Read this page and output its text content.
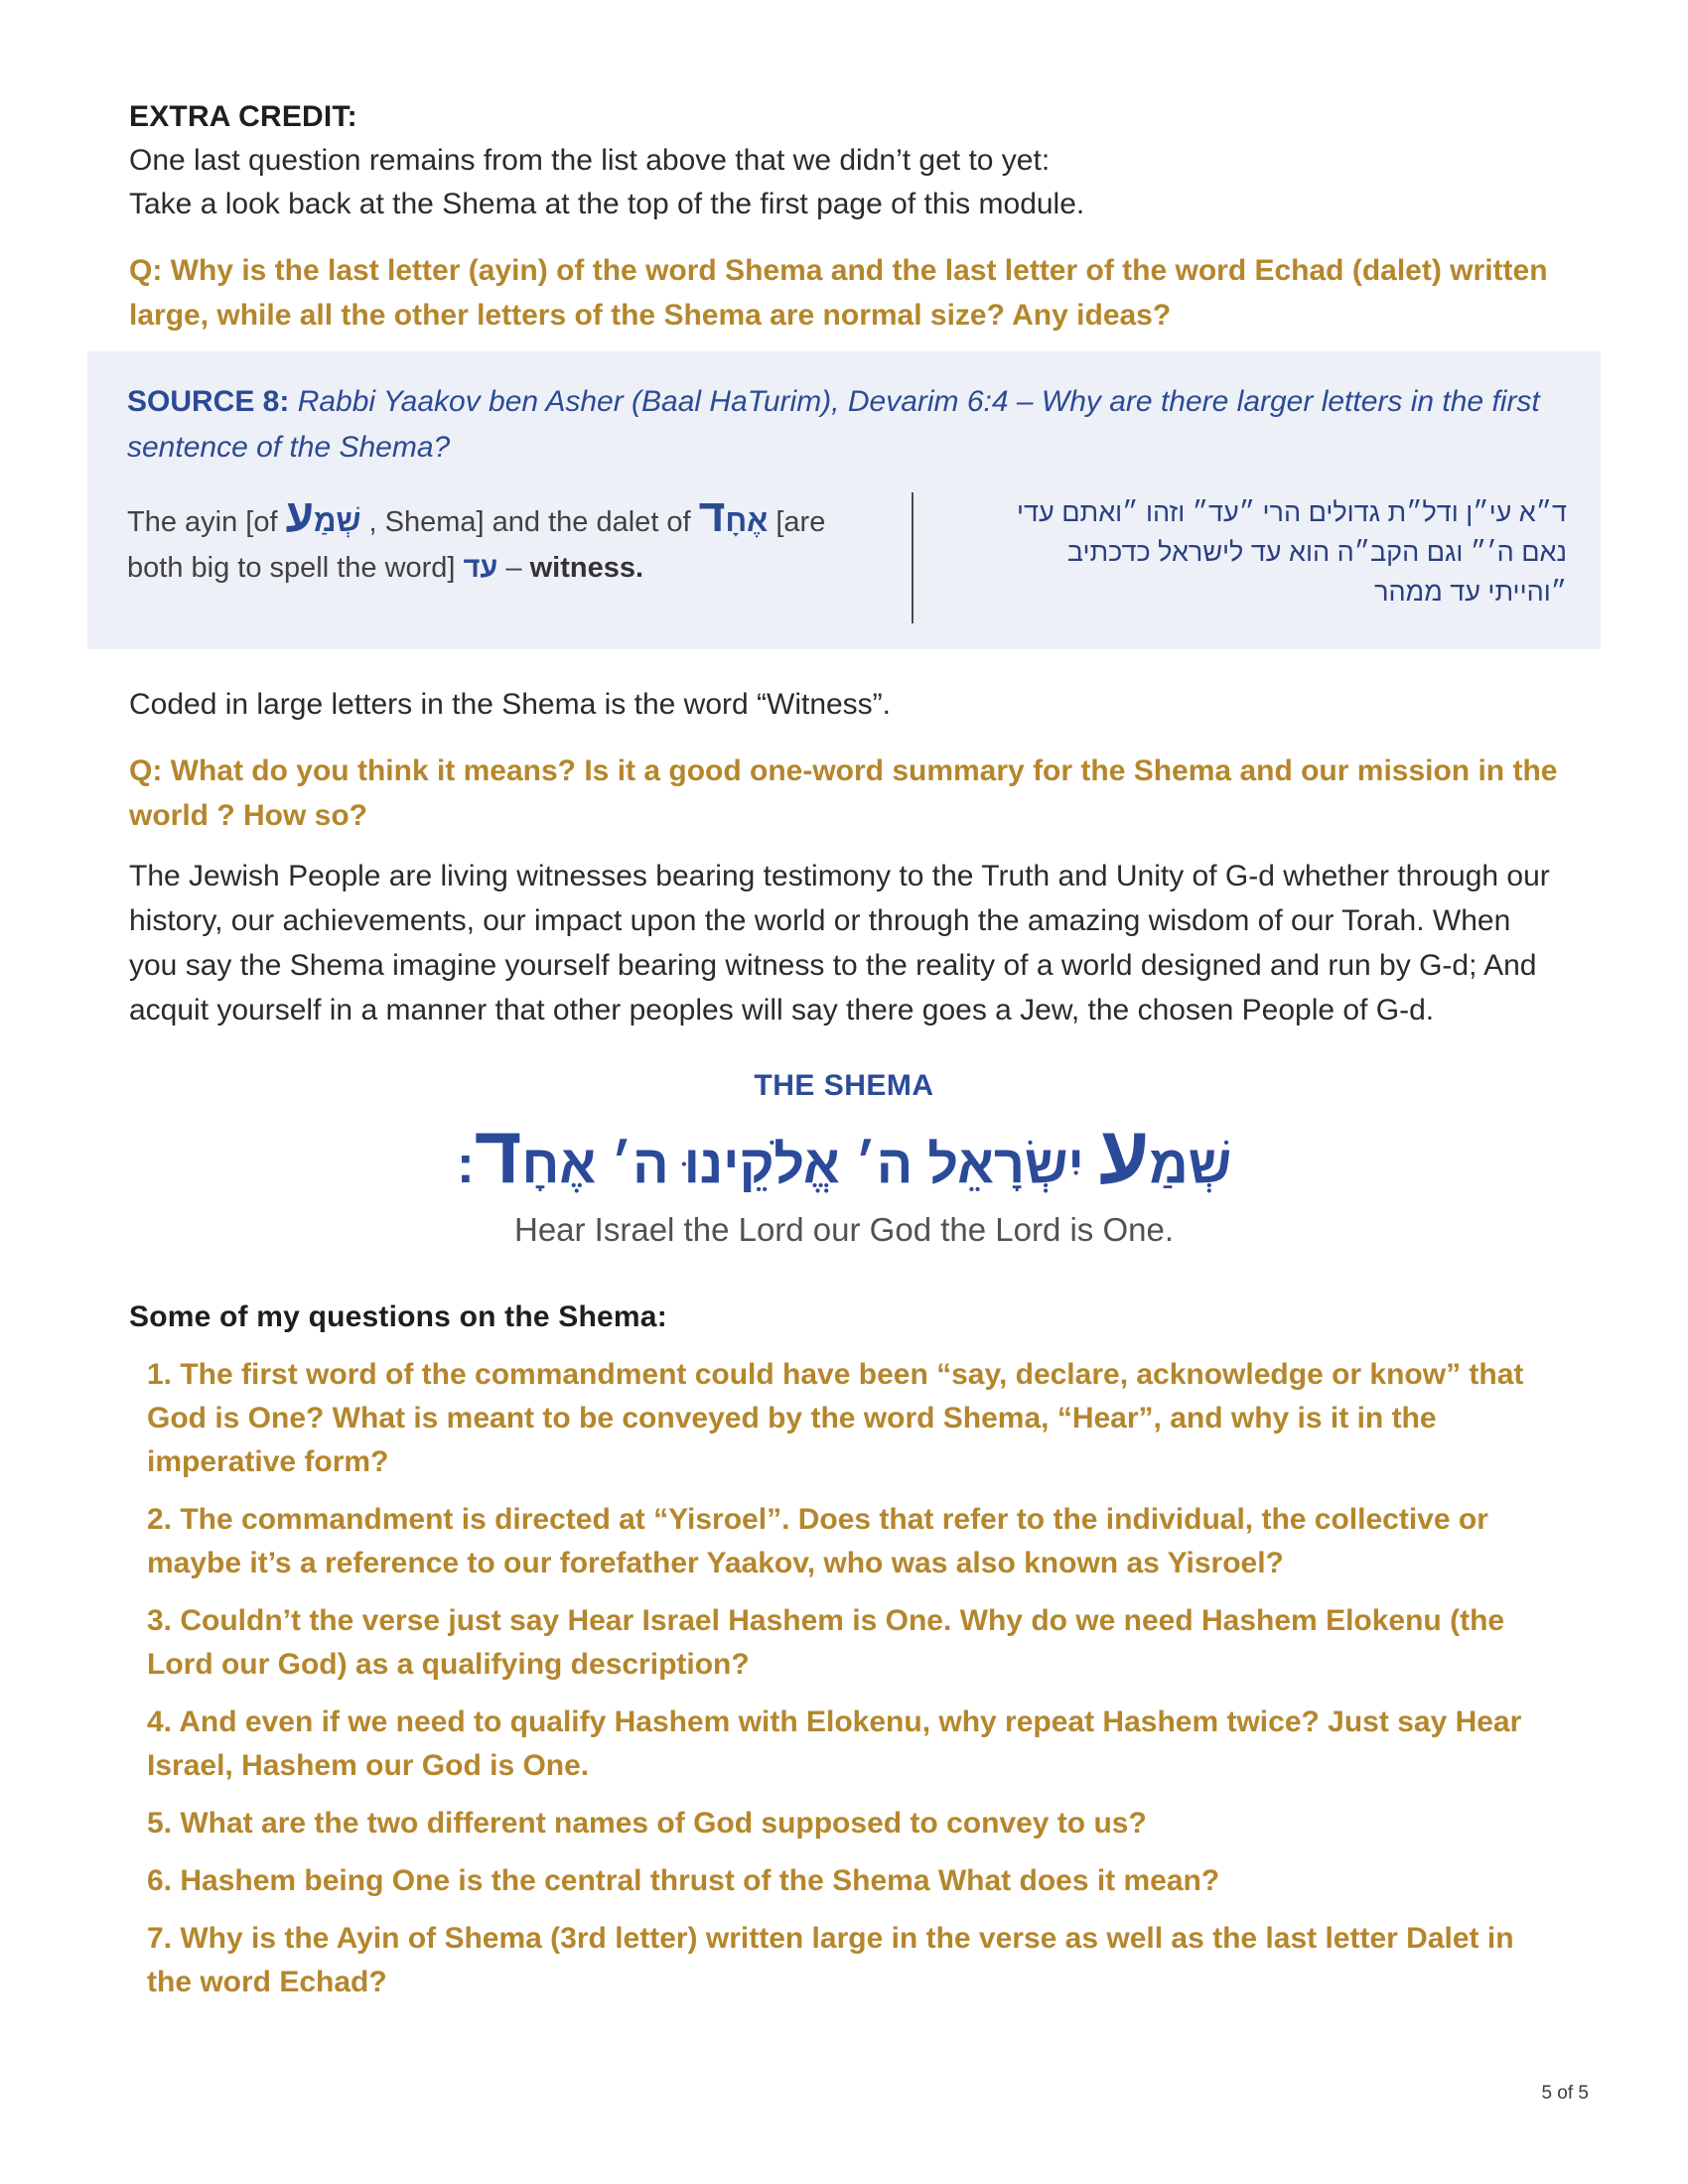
EXTRA CREDIT:

One last question remains from the list above that we didn’t get to yet:

Take a look back at the Shema at the top of the first page of this module.

Q: Why is the last letter (ayin) of the word Shema and the last letter of the word Echad (dalet) written large, while all the other letters of the Shema are normal size? Any ideas?

SOURCE 8: Rabbi Yaakov ben Asher (Baal HaTurim), Devarim 6:4 – Why are there larger letters in the first sentence of the Shema?

The ayin [of שְׁמַע , Shema] and the dalet of אֶחָד [are both big to spell the word] עד – witness.
ד״א עי״ן ודל״ת גדולים הרי ״עד״ וזהו ״ואתם עדי
נאם ה׳״ וגם הקב״ה הוא עד לישראל כדכתיב
״והייתי עד ממהר

Coded in large letters in the Shema is the word “Witness”.

Q: What do you think it means? Is it a good one-word summary for the Shema and our mission in the world ? How so?

The Jewish People are living witnesses bearing testimony to the Truth and Unity of G-d whether through our history, our achievements, our impact upon the world or through the amazing wisdom of our Torah. When you say the Shema imagine yourself bearing witness to the reality of a world designed and run by G-d; And acquit yourself in a manner that other peoples will say there goes a Jew, the chosen People of G-d.

THE SHEMA
שְׁמַע יִשְׂרָאֵל ה׳ אֱלֹקֵינוּ ה׳ אֶחָד:
Hear Israel the Lord our God the Lord is One.
Some of my questions on the Shema:

1. The first word of the commandment could have been “say, declare, acknowledge or know” that God is One? What is meant to be conveyed by the word Shema, “Hear”, and why is it in the imperative form?

2. The commandment is directed at “Yisroel”. Does that refer to the individual, the collective or maybe it’s a reference to our forefather Yaakov, who was also known as Yisroel?

3. Couldn’t the verse just say Hear Israel Hashem is One. Why do we need Hashem Elokenu (the Lord our God) as a qualifying description?

4. And even if we need to qualify Hashem with Elokenu, why repeat Hashem twice? Just say Hear Israel, Hashem our God is One.

5. What are the two different names of God supposed to convey to us?

6. Hashem being One is the central thrust of the Shema What does it mean?

7. Why is the Ayin of Shema (3rd letter) written large in the verse as well as the last letter Dalet in the word Echad?

5 of 5
